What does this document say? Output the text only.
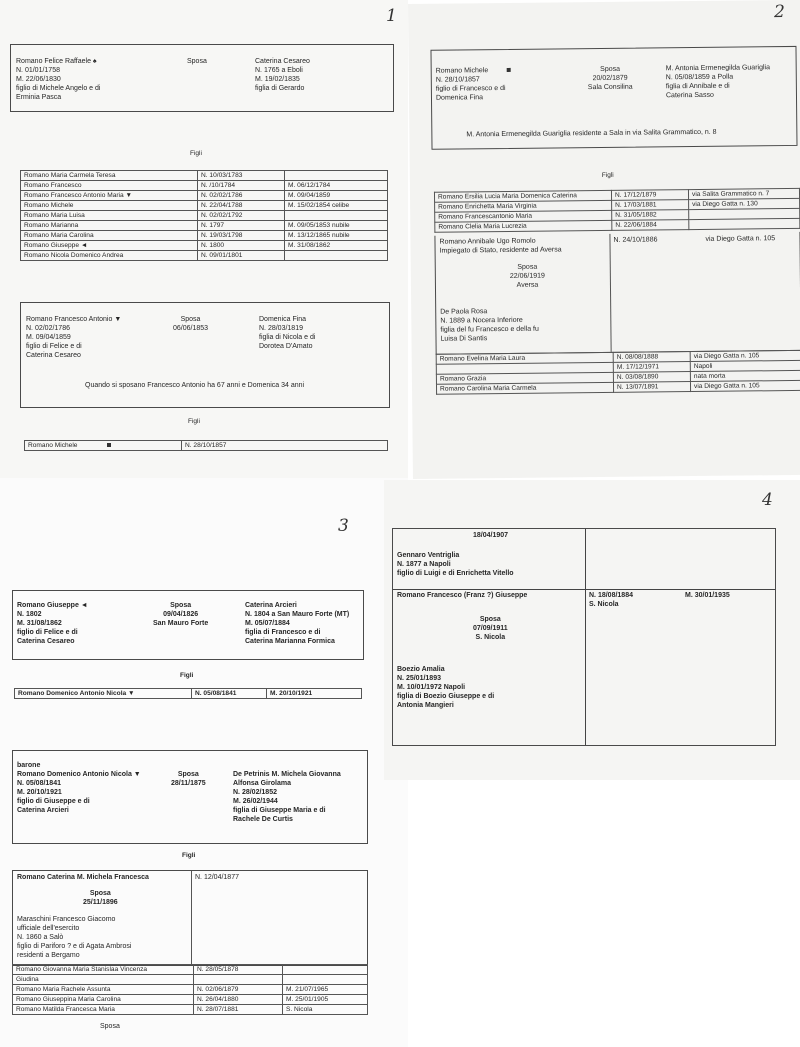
1
Romano Felice Raffaele ♠
N. 01/01/1758
M. 22/06/1830
figlio di Michele Angelo e di
Erminia Pasca
Sposa	Caterina Cesareo
N. 1765 a Eboli
M. 19/02/1835
figlia di Gerardo
Figli
Romano Maria Carmela Teresa	N. 10/03/1783	
Romano Francesco	N. /10/1784	M. 06/12/1784
Romano Francesco Antonio Maria ▼	N. 02/02/1786	M. 09/04/1859
Romano Michele	N. 22/04/1788	M. 15/02/1854 celibe
Romano Maria Luisa	N. 02/02/1792	
Romano Marianna	N. 1797	M. 09/05/1853 nubile
Romano Maria Carolina	N. 19/03/1798	M. 13/12/1865 nubile
Romano Giuseppe ◄	N. 1800	M. 31/08/1862
Romano Nicola Domenico Andrea	N. 09/01/1801	
Romano Francesco Antonio ▼
N. 02/02/1786
M. 09/04/1859
figlio di Felice e di
Caterina Cesareo
Sposa
06/06/1853
Domenica Fina
N. 28/03/1819
figlia di Nicola e di
Dorotea D'Amato
Quando si sposano Francesco Antonio ha 67 anni e Domenica 34 anni
Figli
Romano Michele	N. 28/10/1857
2
Romano Michele
N. 28/10/1857
figlio di Francesco e di
Domenica Fina
Sposa
20/02/1879
Sala Consilina
M. Antonia Ermenegilda Guariglia
N. 05/08/1859 a Polla
figlia di Annibale e di
Caterina Sasso
M. Antonia Ermenegilda Guariglia residente a Sala in via Salita Grammatico, n. 8
Figli
Romano Ersilia Lucia Maria Domenica Caterina	N. 17/12/1879	via Salita Grammatico n. 7
Romano Enrichetta Maria Virginia	N. 17/03/1881	via Diego Gatta n. 130
Romano Francescantonio Maria	N. 31/05/1882	
Romano Clelia Maria Lucrezia	N. 22/06/1884	
Romano Annibale Ugo Romolo
Impiegato di Stato, residente ad Aversa
Sposa
22/06/1919
Aversa
De Paola Rosa
N. 1889 a Nocera Inferiore
figlia del fu Francesco e della fu
Luisa Di Santis
N. 24/10/1886	via Diego Gatta n. 105
Romano Evelina Maria Laura	N. 08/08/1888	via Diego Gatta n. 105
	M. 17/12/1971	Napoli
Romano Grazia	N. 03/08/1890	nata morta
Romano Carolina Maria Carmela	N. 13/07/1891	via Diego Gatta n. 105
3
Romano Giuseppe ◄
N. 1802
M. 31/08/1862
figlio di Felice e di
Caterina Cesareo
Sposa
09/04/1826
San Mauro Forte
Caterina Arcieri
N. 1804 a San Mauro Forte (MT)
M. 05/07/1884
figlia di Francesco e di
Caterina Marianna Formica
Figli
Romano Domenico Antonio Nicola ▼	N. 05/08/1841	M. 20/10/1921
barone
Romano Domenico Antonio Nicola ▼
N. 05/08/1841
M. 20/10/1921
figlio di Giuseppe e di
Caterina Arcieri
Sposa
28/11/1875
De Petrinis M. Michela Giovanna
Alfonsa Girolama
N. 28/02/1852
M. 26/02/1944
figlia di Giuseppe Maria e di
Rachele De Curtis
Figli
Romano Caterina M. Michela Francesca
Sposa
25/11/1896
Maraschini Francesco Giacomo
ufficiale dell'esercito
N. 1860 a Salò
figlio di Pariforo ? e di Agata Ambrosi
residenti a Bergamo
N. 12/04/1877
Romano Giovanna Maria Stanislaa Vincenza	N. 28/05/1878	
Giudina		
Romano Maria Rachele Assunta	N. 02/06/1879	M. 21/07/1965
Romano Giuseppina Maria Carolina	N. 26/04/1880	M. 25/01/1905
Romano Matilda Francesca Maria	N. 28/07/1881	S. Nicola
Sposa
4
18/04/1907
Gennaro Ventriglia
N. 1877 a Napoli
figlio di Luigi e di Enrichetta Vitello
Romano Francesco (Franz ?) Giuseppe
Sposa
07/09/1911
S. Nicola
Boezio Amalia
N. 25/01/1893
M. 10/01/1972 Napoli
figlia di Boezio Giuseppe e di
Antonia Mangieri
N. 18/08/1884
S. Nicola
M. 30/01/1935
